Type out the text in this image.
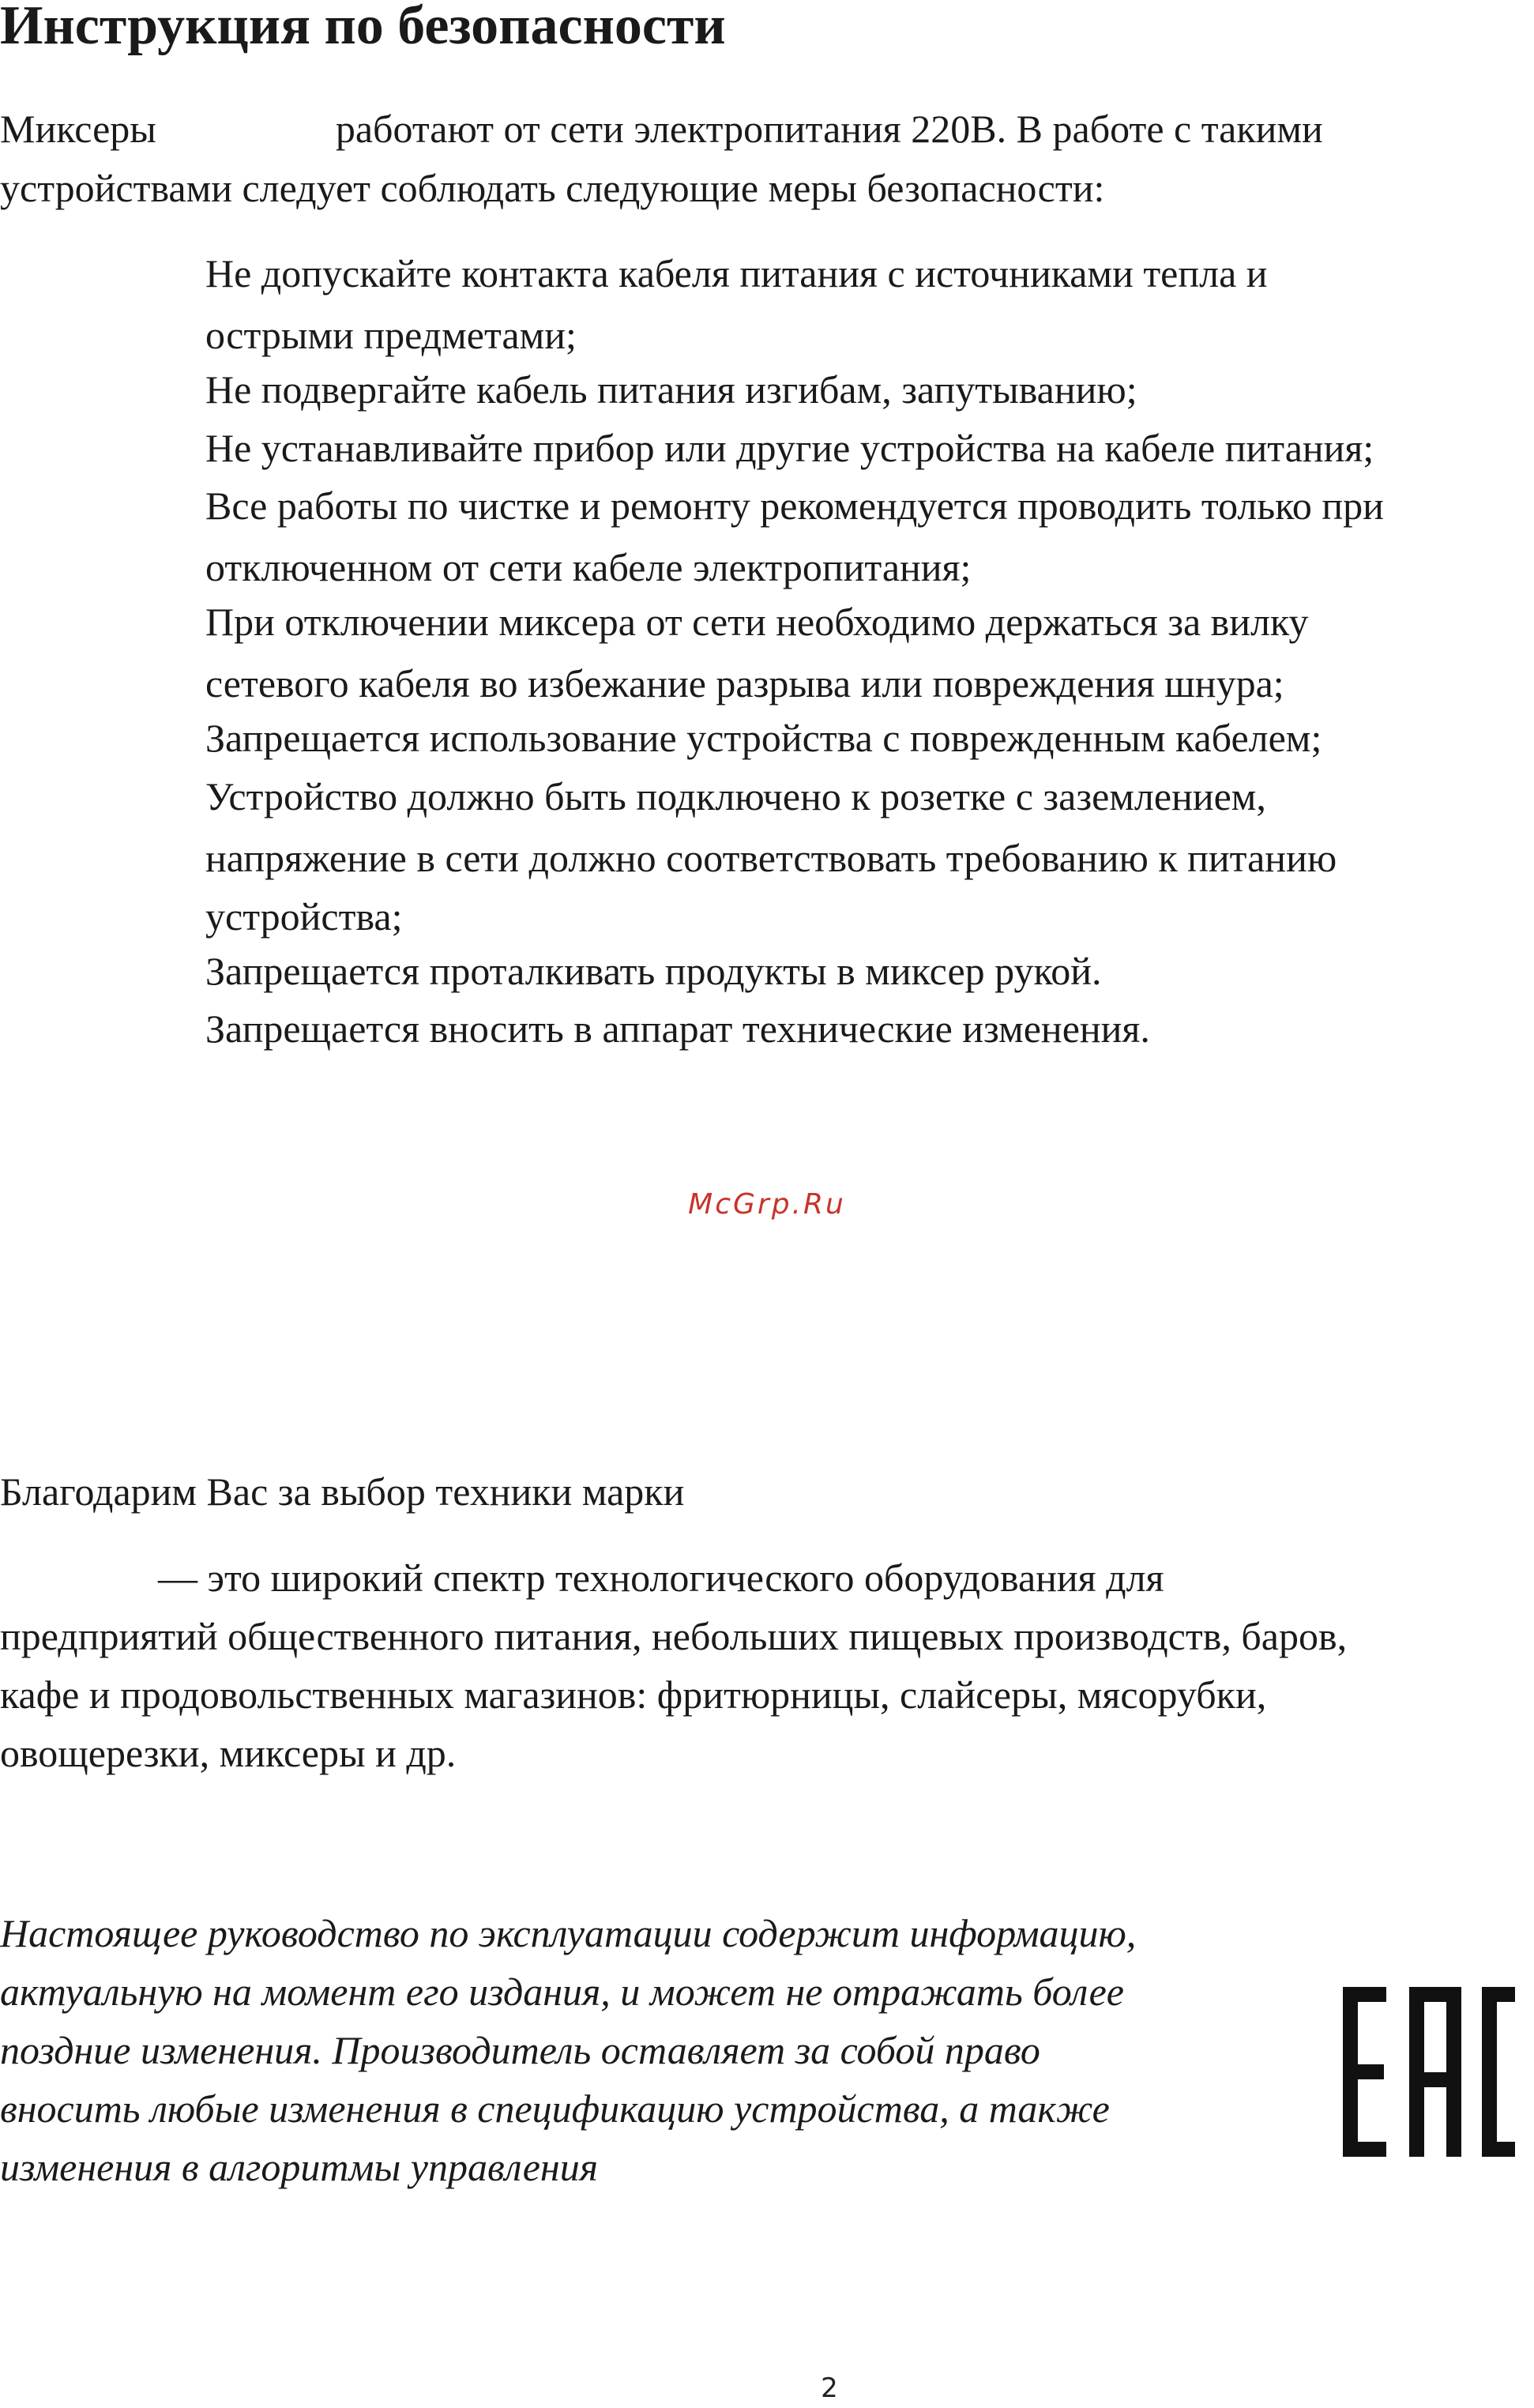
Инструкция по безопасности
Миксеры	работают от сети электропитания 220В. В работе с такими
устройствами следует соблюдать следующие меры безопасности:
Не допускайте контакта кабеля питания с источниками тепла и
острыми предметами;
Не подвергайте кабель питания изгибам, запутыванию;
Не устанавливайте прибор или другие устройства на кабеле питания;
Все работы по чистке и ремонту рекомендуется проводить только при
отключенном от сети кабеле электропитания;
При отключении миксера от сети необходимо держаться за вилку
сетевого кабеля во избежание разрыва или повреждения шнура;
Запрещается использование устройства с поврежденным кабелем;
Устройство должно быть подключено к розетке с заземлением,
напряжение в сети должно соответствовать требованию к питанию
устройства;
Запрещается проталкивать продукты в миксер рукой.
Запрещается вносить в аппарат технические изменения.
McGrp.Ru
Благодарим Вас за выбор техники марки
— это широкий спектр технологического оборудования для
предприятий общественного питания, небольших пищевых производств, баров,
кафе и продовольственных магазинов: фритюрницы, слайсеры, мясорубки,
овощерезки, миксеры и др.
Настоящее руководство по эксплуатации содержит информацию,
актуальную на момент его издания, и может не отражать более
поздние изменения. Производитель оставляет за собой право
вносить любые изменения в спецификацию устройства, а также
изменения в алгоритмы управления
2
